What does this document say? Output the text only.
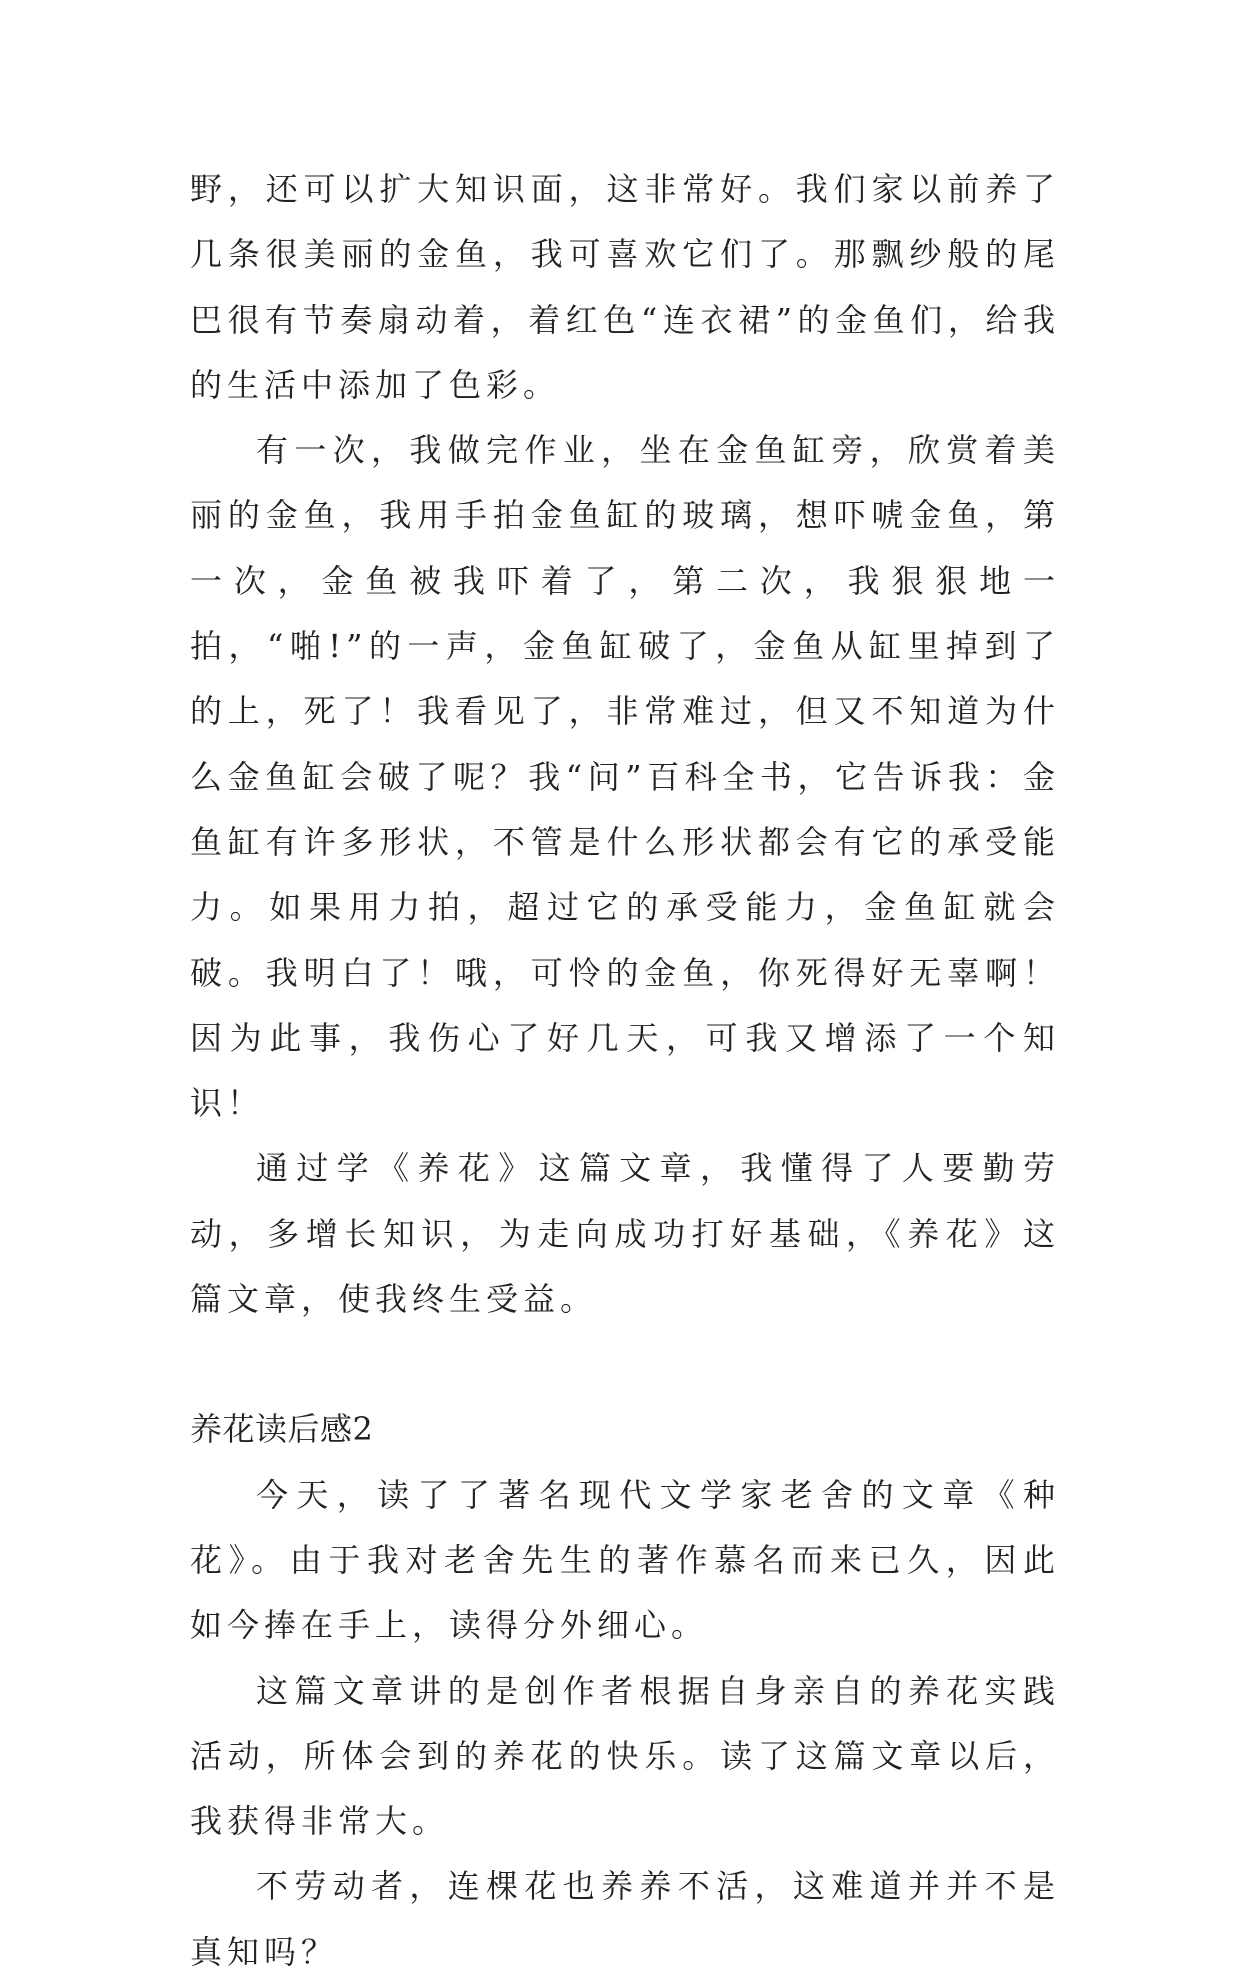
野，还可以扩大知识面，这非常好。我们家以前养了几条很美丽的金鱼，我可喜欢它们了。那飘纱般的尾巴很有节奏扇动着，着红色“连衣裙”的金鱼们，给我的生活中添加了色彩。

有一次，我做完作业，坐在金鱼缸旁，欣赏着美丽的金鱼，我用手拍金鱼缸的玻璃，想吓唬金鱼，第一次，金鱼被我吓着了，第二次，我狠狠地一拍，“啪!”的一声，金鱼缸破了，金鱼从缸里掉到了的上，死了！我看见了，非常难过，但又不知道为什么金鱼缸会破了呢？我“问”百科全书，它告诉我：金鱼缸有许多形状，不管是什么形状都会有它的承受能力。如果用力拍，超过它的承受能力，金鱼缸就会破。我明白了！哦，可怜的金鱼，你死得好无辜啊！因为此事，我伤心了好几天，可我又增添了一个知识！

通过学《养花》这篇文章，我懂得了人要勤劳动，多增长知识，为走向成功打好基础，《养花》这篇文章，使我终生受益。

养花读后感2

今天，读了了著名现代文学家老舍的文章《种花》。由于我对老舍先生的著作慕名而来已久，因此 如今捧在手上，读得分外细心。

这篇文章讲的是创作者根据自身亲自的养花实践活动，所体会到的养花的快乐。读了这篇文章以后，我获得非常大。

不劳动者，连棵花也养养不活，这难道并并不是真知吗？
